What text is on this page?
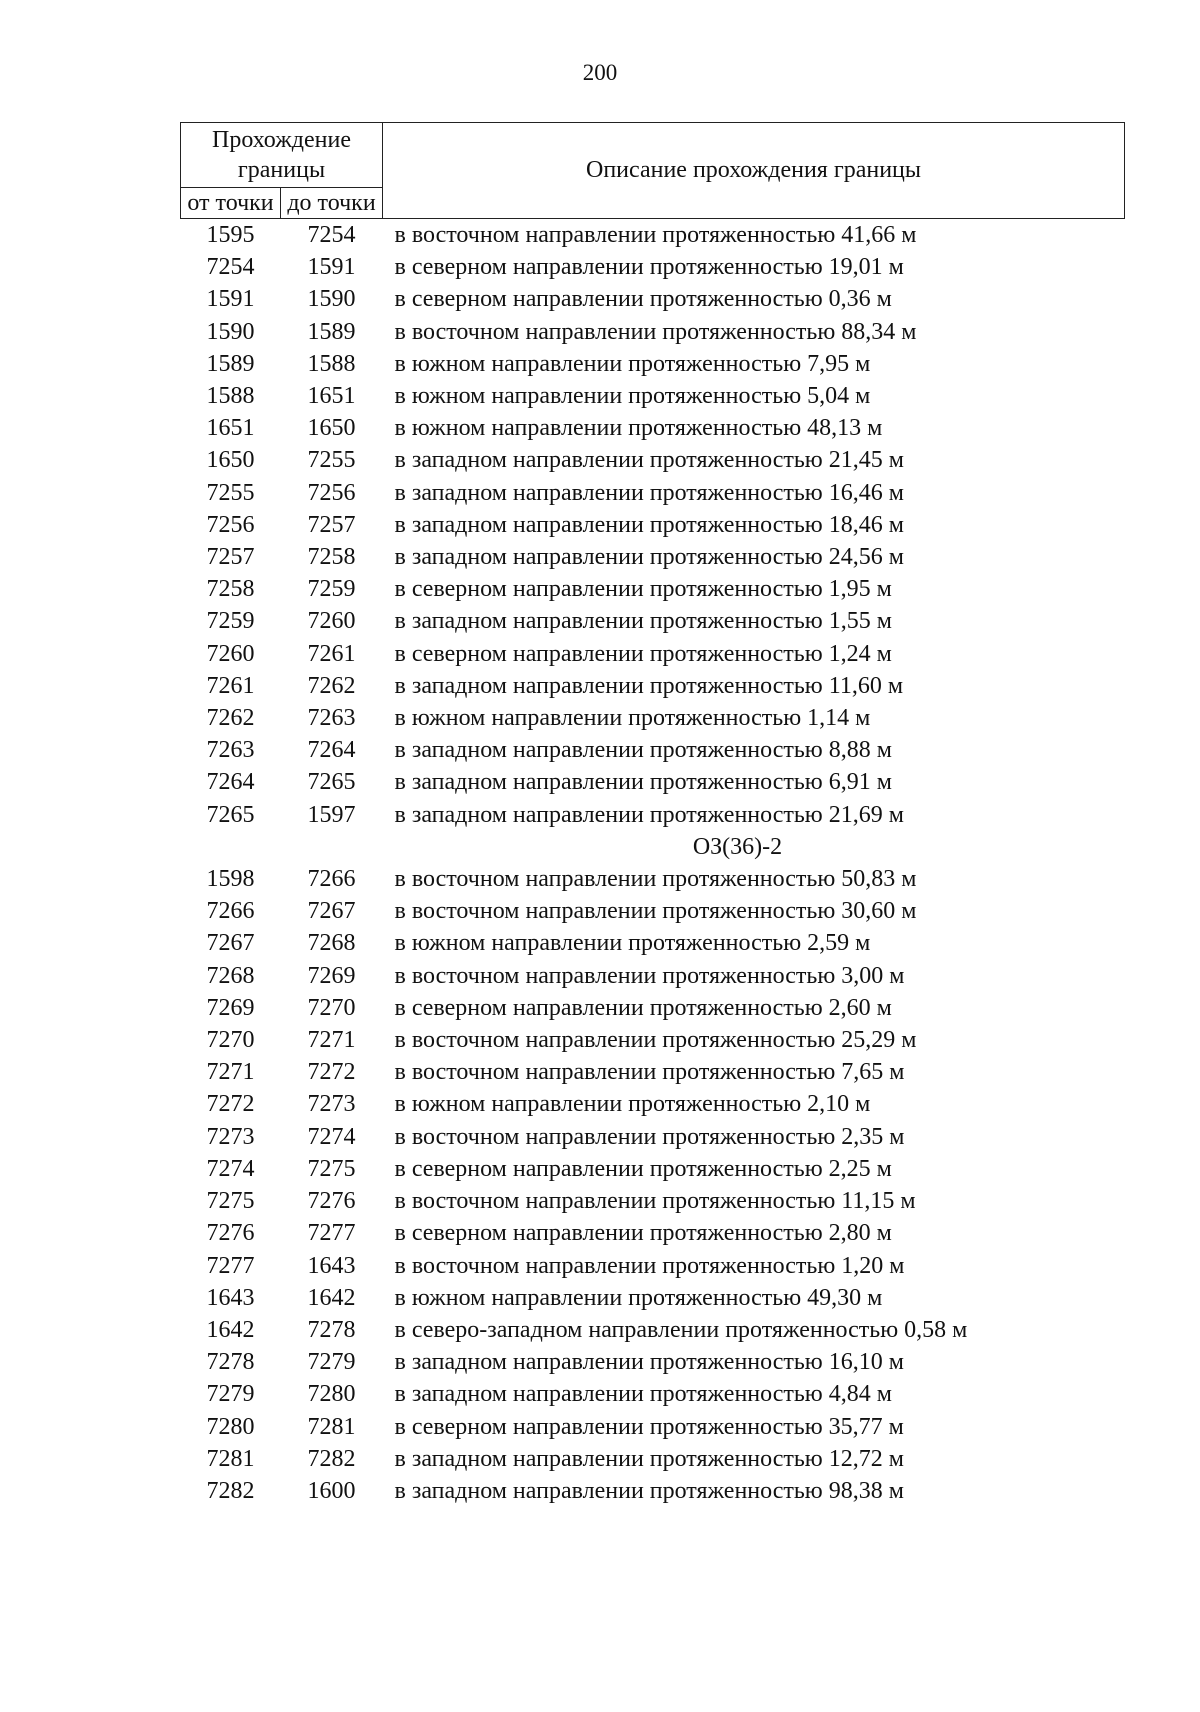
200
Прохождение границы		Описание прохождения границы
от точки	до точки	
1595	7254	в восточном направлении протяженностью 41,66 м
7254	1591	в северном направлении протяженностью 19,01 м
1591	1590	в северном направлении протяженностью 0,36 м
1590	1589	в восточном направлении протяженностью 88,34 м
1589	1588	в южном направлении протяженностью 7,95 м
1588	1651	в южном направлении протяженностью 5,04 м
1651	1650	в южном направлении протяженностью 48,13 м
1650	7255	в западном направлении протяженностью 21,45 м
7255	7256	в западном направлении протяженностью 16,46 м
7256	7257	в западном направлении протяженностью 18,46 м
7257	7258	в западном направлении протяженностью 24,56 м
7258	7259	в северном направлении протяженностью 1,95 м
7259	7260	в западном направлении протяженностью 1,55 м
7260	7261	в северном направлении протяженностью 1,24 м
7261	7262	в западном направлении протяженностью 11,60 м
7262	7263	в южном направлении протяженностью 1,14 м
7263	7264	в западном направлении протяженностью 8,88 м
7264	7265	в западном направлении протяженностью 6,91 м
7265	1597	в западном направлении протяженностью 21,69 м
ОЗ(36)-2		
1598	7266	в восточном направлении протяженностью 50,83 м
7266	7267	в восточном направлении протяженностью 30,60 м
7267	7268	в южном направлении протяженностью 2,59 м
7268	7269	в восточном направлении протяженностью 3,00 м
7269	7270	в северном направлении протяженностью 2,60 м
7270	7271	в восточном направлении протяженностью 25,29 м
7271	7272	в восточном направлении протяженностью 7,65 м
7272	7273	в южном направлении протяженностью 2,10 м
7273	7274	в восточном направлении протяженностью 2,35 м
7274	7275	в северном направлении протяженностью 2,25 м
7275	7276	в восточном направлении протяженностью 11,15 м
7276	7277	в северном направлении протяженностью 2,80 м
7277	1643	в восточном направлении протяженностью 1,20 м
1643	1642	в южном направлении протяженностью 49,30 м
1642	7278	в северо-западном направлении протяженностью 0,58 м
7278	7279	в западном направлении протяженностью 16,10 м
7279	7280	в западном направлении протяженностью 4,84 м
7280	7281	в северном направлении протяженностью 35,77 м
7281	7282	в западном направлении протяженностью 12,72 м
7282	1600	в западном направлении протяженностью 98,38 м
